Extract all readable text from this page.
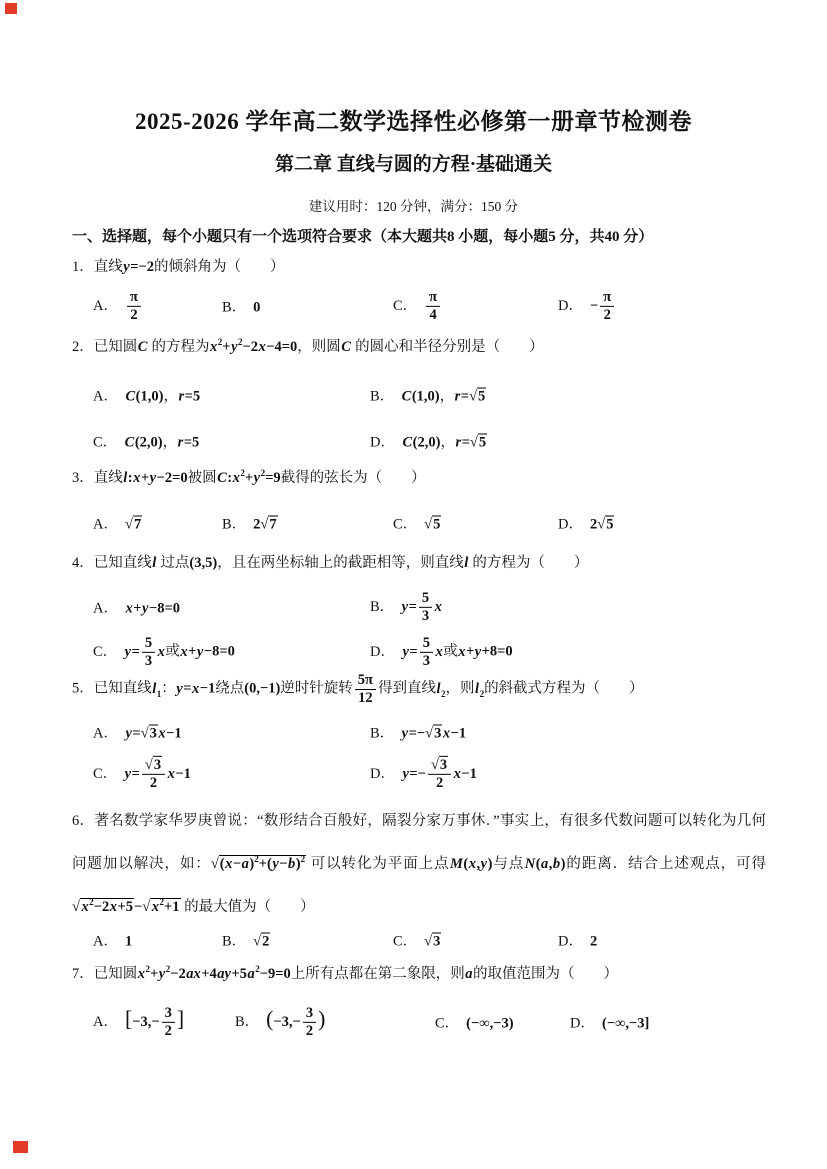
2025-2026 学年高二数学选择性必修第一册章节检测卷
第二章 直线与圆的方程·基础通关
建议用时：120 分钟，满分：150 分
一、选择题，每个小题只有一个选项符合要求（本大题共8 小题，每小题5 分，共40 分）
1．直线y=−2的倾斜角为（　　）
A． $\frac{\pi}{2}$	B． 0	C． $\frac{\pi}{4}$	D． − $\frac{\pi}{2}$
2．已知圆C 的方程为$x^2+y^2-2x-4=0$，则圆C 的圆心和半径分别是（　　）
A． C(1,0)，r=5	B． C(1,0)，r=√5
C． C(2,0)，r=5	D． C(2,0)，r=√5
3．直线l:x+y−2=0被圆$C:x^2+y^2=9$截得的弦长为（　　）
A． √7	B． 2√7	C． √5	D． 2√5
4．已知直线l 过点(3,5)，且在两坐标轴上的截距相等，则直线l 的方程为（　　）
A． x+y−8=0	B． $y= \frac{5}{3}$ x
C． $y= \frac{5}{3}$ x或x+y−8=0	D． $y= \frac{5}{3}$ x或x+y+8=0
5．已知直线$l_1$：y=x−1绕点(0,−1)逆时针旋转 $\frac{5\pi}{12}$ 得到直线$l_2$，则$l_2$的斜截式方程为（　　）
A． y=√3 x−1	B． y=−√3 x−1
C． $y= \frac{√3}{2} x-1$	D． $y=- \frac{√3}{2} x-1$
6．著名数学家华罗庚曾说：“数形结合百般好，隔裂分家万事休．”事实上，有很多代数问题可以转化为几何问题加以解决，如：$√(x-a)^2+(y-b)^2$ 可以转化为平面上点M(x,y)与点N(a,b)的距离．结合上述观点，可得√ $x^2-2x+5-√$ $x^2+1$ 的最大值为（　　）
A． 1	B． √2	C． √3	D． 2
7．已知圆$x^2+y^2-2ax+4ay+5a^2-9=0$上所有点都在第二象限，则a的取值范围为（　　）
A． [$-3,- \frac{3}{2}$ ]	B． ($-3,- \frac{3}{2}$ )	C． (−∞,−3)	D． (−∞,−3]
